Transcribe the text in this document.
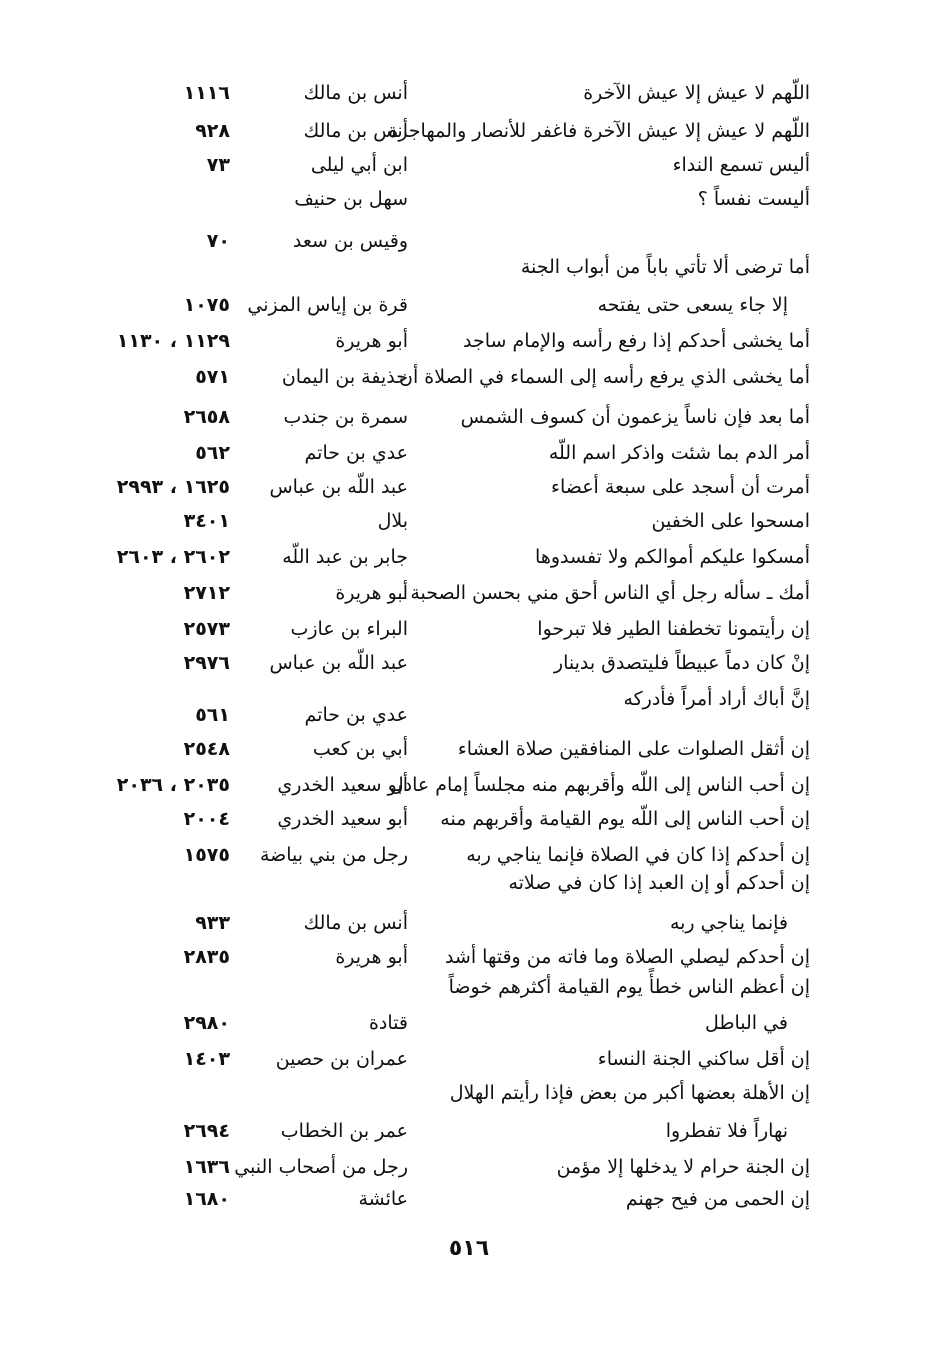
اللّهم لا عيش إلا عيش الآخرة
أنس بن مالك
١١١٦
اللّهم لا عيش إلا عيش الآخرة فاغفر للأنصار والمهاجرة
أنس بن مالك
٩٢٨
أليس تسمع النداء
ابن أبي ليلى
٧٣
أليست نفساً ؟
سهل بن حنيف
وقيس بن سعد
٧٠
أما ترضى ألا تأتي باباً من أبواب الجنة
إلا جاء يسعى حتى يفتحه
قرة بن إياس المزني
١٠٧٥
أما يخشى أحدكم إذا رفع رأسه والإمام ساجد
أبو هريرة
١١٢٩ ، ١١٣٠
أما يخشى الذي يرفع رأسه إلى السماء في الصلاة أن
حذيفة بن اليمان
٥٧١
أما بعد فإن ناساً يزعمون أن كسوف الشمس
سمرة بن جندب
٢٦٥٨
أمر الدم بما شئت واذكر اسم اللّه
عدي بن حاتم
٥٦٢
أمرت أن أسجد على سبعة أعضاء
عبد اللّه بن عباس
١٦٢٥ ، ٢٩٩٣
امسحوا على الخفين
بلال
٣٤٠١
أمسكوا عليكم أموالكم ولا تفسدوها
جابر بن عبد اللّه
٢٦٠٢ ، ٢٦٠٣
أمك ـ سأله رجل أي الناس أحق مني بحسن الصحبة ـ
أبو هريرة
٢٧١٢
إن رأيتمونا تخطفنا الطير فلا تبرحوا
البراء بن عازب
٢٥٧٣
إنْ كان دماً عبيطاً فليتصدق بدينار
عبد اللّه بن عباس
٢٩٧٦
إنَّ أباك أراد أمراً فأدركه
عدي بن حاتم
٥٦١
إن أثقل الصلوات على المنافقين صلاة العشاء
أبي بن كعب
٢٥٤٨
إن أحب الناس إلى اللّه وأقربهم منه مجلساً إمام عادل
أبو سعيد الخدري
٢٠٣٥ ، ٢٠٣٦
إن أحب الناس إلى اللّه يوم القيامة وأقربهم منه
أبو سعيد الخدري
٢٠٠٤
إن أحدكم إذا كان في الصلاة فإنما يناجي ربه
رجل من بني بياضة
١٥٧٥
إن أحدكم أو إن العبد إذا كان في صلاته
فإنما يناجي ربه
أنس بن مالك
٩٣٣
إن أحدكم ليصلي الصلاة وما فاته من وقتها أشد
أبو هريرة
٢٨٣٥
إن أعظم الناس خطأً يوم القيامة أكثرهم خوضاً
في الباطل
قتادة
٢٩٨٠
إن أقل ساكني الجنة النساء
عمران بن حصين
١٤٠٣
إن الأهلة بعضها أكبر من بعض فإذا رأيتم الهلال
نهاراً فلا تفطروا
عمر بن الخطاب
٢٦٩٤
إن الجنة حرام لا يدخلها إلا مؤمن
رجل من أصحاب النبي
١٦٣٦
إن الحمى من فيح جهنم
عائشة
١٦٨٠
٥١٦
